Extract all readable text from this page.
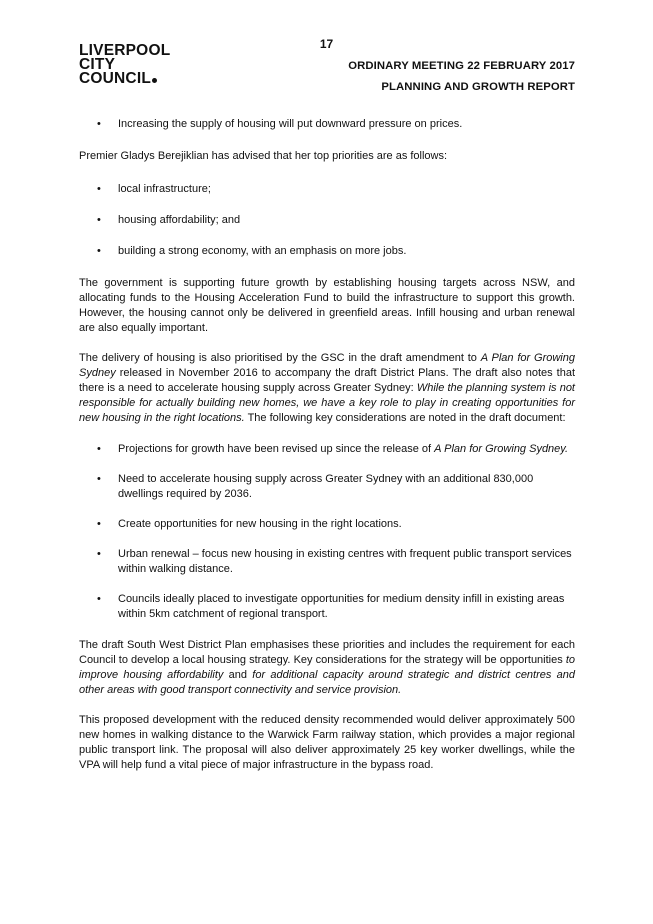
17
LIVERPOOL
CITY
COUNCIL
ORDINARY MEETING 22 FEBRUARY 2017
PLANNING AND GROWTH REPORT
• Increasing the supply of housing will put downward pressure on prices.

Premier Gladys Berejiklian has advised that her top priorities are as follows:

• local infrastructure;
• housing affordability; and
• building a strong economy, with an emphasis on more jobs.

The government is supporting future growth by establishing housing targets across NSW, and allocating funds to the Housing Acceleration Fund to build the infrastructure to support this growth. However, the housing cannot only be delivered in greenfield areas. Infill housing and urban renewal are also equally important.

The delivery of housing is also prioritised by the GSC in the draft amendment to A Plan for Growing Sydney released in November 2016 to accompany the draft District Plans. The draft also notes that there is a need to accelerate housing supply across Greater Sydney: While the planning system is not responsible for actually building new homes, we have a key role to play in creating opportunities for new housing in the right locations. The following key considerations are noted in the draft document:

• Projections for growth have been revised up since the release of A Plan for Growing Sydney.
• Need to accelerate housing supply across Greater Sydney with an additional 830,000 dwellings required by 2036.
• Create opportunities for new housing in the right locations.
• Urban renewal – focus new housing in existing centres with frequent public transport services within walking distance.
• Councils ideally placed to investigate opportunities for medium density infill in existing areas within 5km catchment of regional transport.

The draft South West District Plan emphasises these priorities and includes the requirement for each Council to develop a local housing strategy. Key considerations for the strategy will be opportunities to improve housing affordability and for additional capacity around strategic and district centres and other areas with good transport connectivity and service provision.

This proposed development with the reduced density recommended would deliver approximately 500 new homes in walking distance to the Warwick Farm railway station, which provides a major regional public transport link. The proposal will also deliver approximately 25 key worker dwellings, while the VPA will help fund a vital piece of major infrastructure in the bypass road.
